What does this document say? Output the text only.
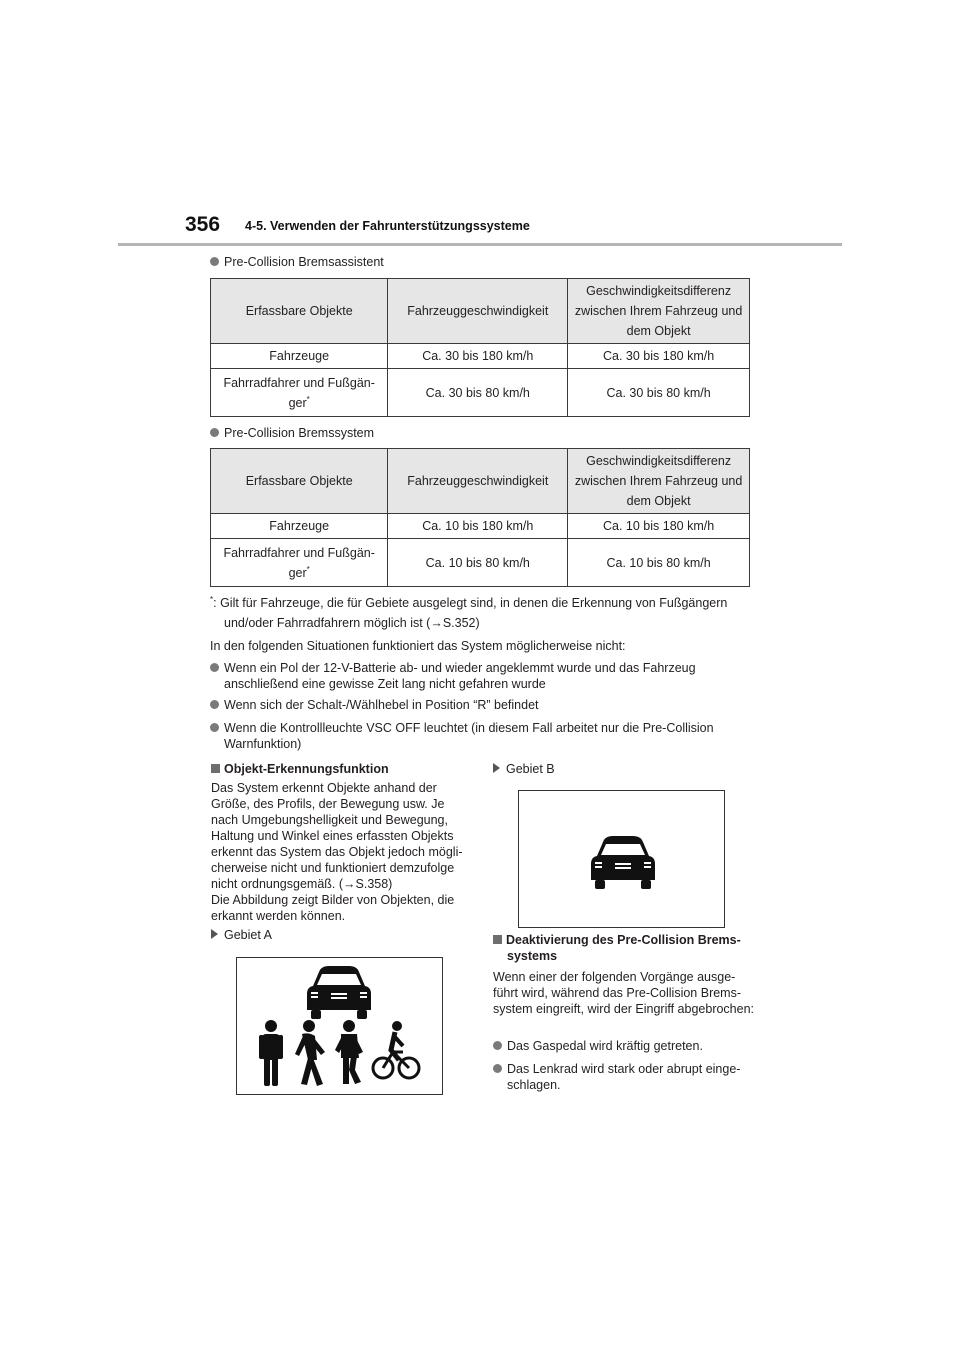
356 4-5. Verwenden der Fahrunterstützungssysteme
Pre-Collision Bremsassistent
Erfassbare Objekte	Fahrzeuggeschwindigkeit	Geschwindigkeitsdifferenz zwischen Ihrem Fahrzeug und dem Objekt
Fahrzeuge	Ca. 30 bis 180 km/h	Ca. 30 bis 180 km/h
Fahrradfahrer und Fußgän-ger*	Ca. 30 bis 80 km/h	Ca. 30 bis 80 km/h
Pre-Collision Bremssystem
Erfassbare Objekte	Fahrzeuggeschwindigkeit	Geschwindigkeitsdifferenz zwischen Ihrem Fahrzeug und dem Objekt
Fahrzeuge	Ca. 10 bis 180 km/h	Ca. 10 bis 180 km/h
Fahrradfahrer und Fußgän-ger*	Ca. 10 bis 80 km/h	Ca. 10 bis 80 km/h
*: Gilt für Fahrzeuge, die für Gebiete ausgelegt sind, in denen die Erkennung von Fußgängern
und/oder Fahrradfahrern möglich ist (→S.352)
In den folgenden Situationen funktioniert das System möglicherweise nicht:
Wenn ein Pol der 12-V-Batterie ab- und wieder angeklemmt wurde und das Fahrzeug anschließend eine gewisse Zeit lang nicht gefahren wurde
Wenn sich der Schalt-/Wählhebel in Position “R” befindet
Wenn die Kontrollleuchte VSC OFF leuchtet (in diesem Fall arbeitet nur die Pre-Collision Warnfunktion)
Objekt-Erkennungsfunktion
Das System erkennt Objekte anhand der Größe, des Profils, der Bewegung usw. Je nach Umgebungshelligkeit und Bewegung, Haltung und Winkel eines erfassten Objekts erkennt das System das Objekt jedoch mögli-cherweise nicht und funktioniert demzufolge nicht ordnungsgemäß. (→S.358)
Die Abbildung zeigt Bilder von Objekten, die erkannt werden können.
Gebiet A
Gebiet B
Deaktivierung des Pre-Collision Brems-systems
Wenn einer der folgenden Vorgänge ausge-führt wird, während das Pre-Collision Brems-system eingreift, wird der Eingriff abgebrochen:
Das Gaspedal wird kräftig getreten.
Das Lenkrad wird stark oder abrupt einge-schlagen.
